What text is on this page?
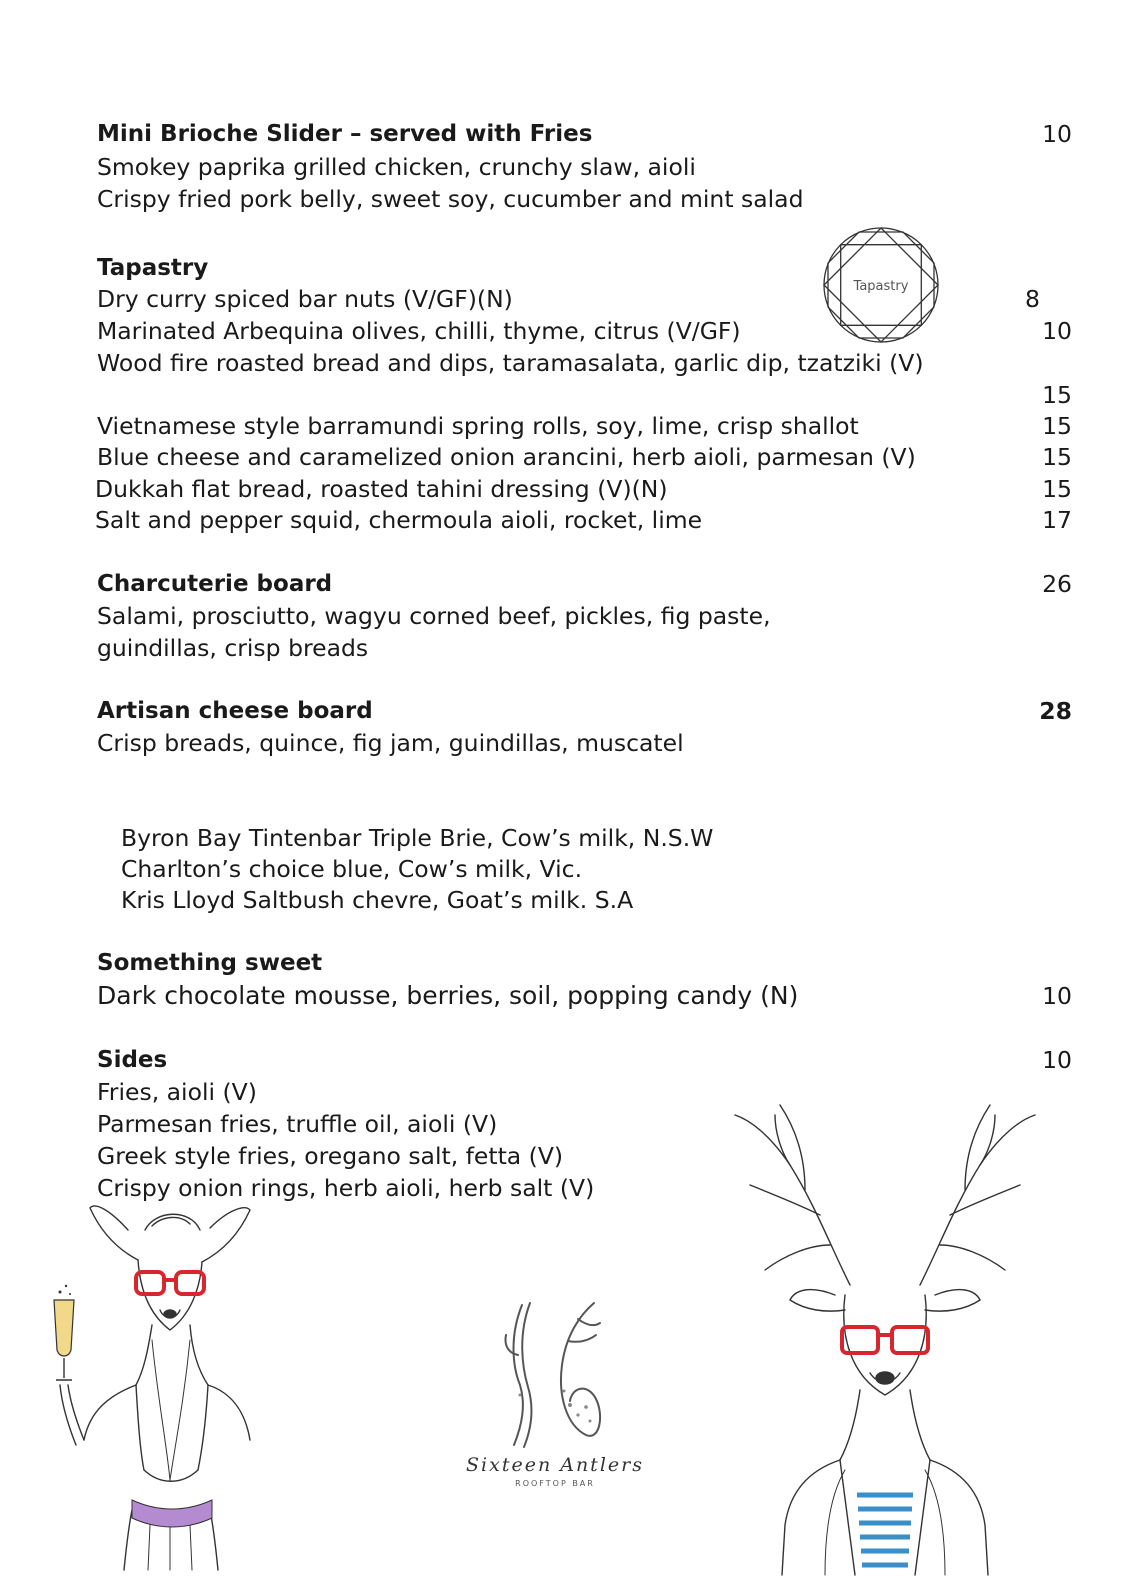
Mini Brioche Slider – served with Fries	10
Smokey paprika grilled chicken, crunchy slaw, aioli
Crispy fried pork belly, sweet soy, cucumber and mint salad
Tapastry
Tapastry
Dry curry spiced bar nuts (V/GF)(N)	8
Marinated Arbequina olives, chilli, thyme, citrus (V/GF)	10
Wood fire roasted bread and dips, taramasalata, garlic dip, tzatziki (V)
15
Vietnamese style barramundi spring rolls, soy, lime, crisp shallot	15
Blue cheese and caramelized onion arancini, herb aioli, parmesan (V)	15
Dukkah flat bread, roasted tahini dressing (V)(N)	15
Salt and pepper squid, chermoula aioli, rocket, lime	17
Charcuterie board	26
Salami, prosciutto, wagyu corned beef, pickles, fig paste,
guindillas, crisp breads
Artisan cheese board	28
Crisp breads, quince, fig jam, guindillas, muscatel
Byron Bay Tintenbar Triple Brie, Cow’s milk, N.S.W
Charlton’s choice blue, Cow’s milk, Vic.
Kris Lloyd Saltbush chevre, Goat’s milk. S.A
Something sweet
Dark chocolate mousse, berries, soil, popping candy (N)	10
Sides	10
Fries, aioli (V)
Parmesan fries, truffle oil, aioli (V)
Greek style fries, oregano salt, fetta (V)
Crispy onion rings, herb aioli, herb salt (V)
Sixteen Antlers
ROOFTOP BAR
